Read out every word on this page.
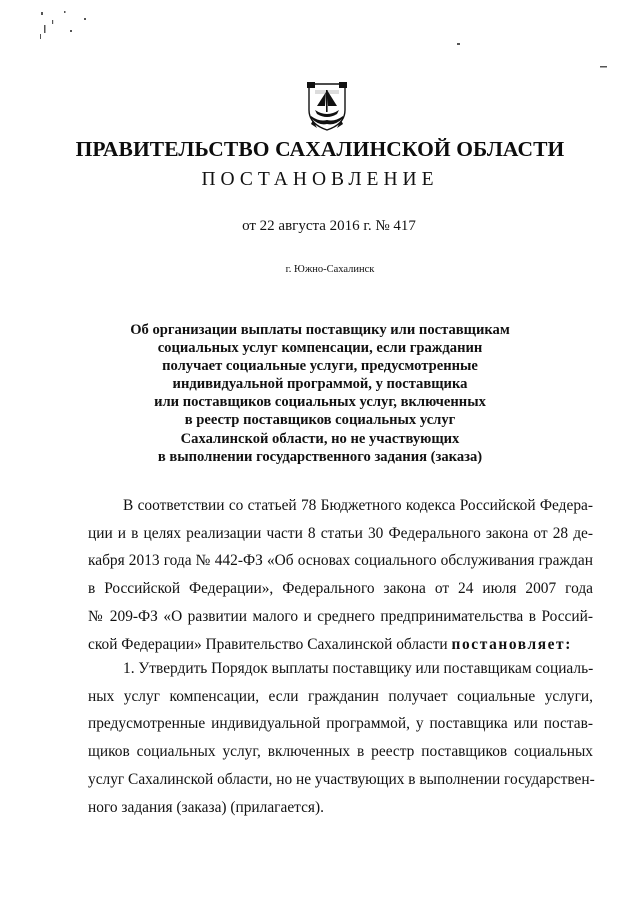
ПРАВИТЕЛЬСТВО САХАЛИНСКОЙ ОБЛАСТИ
ПОСТАНОВЛЕНИЕ
от 22 августа 2016 г. № 417
г. Южно-Сахалинск
Об организации выплаты поставщику или поставщикам
социальных услуг компенсации, если гражданин
получает социальные услуги, предусмотренные
индивидуальной программой, у поставщика
или поставщиков социальных услуг, включенных
в реестр поставщиков социальных услуг
Сахалинской области, но не участвующих
в выполнении государственного задания (заказа)
В соответствии со статьей 78 Бюджетного кодекса Российской Федера-
ции и в целях реализации части 8 статьи 30 Федерального закона от 28 де-
кабря 2013 года № 442-ФЗ «Об основах социального обслуживания граждан
в Российской Федерации», Федерального закона от 24 июля 2007 года
№ 209-ФЗ «О развитии малого и среднего предпринимательства в Россий-
ской Федерации» Правительство Сахалинской области постановляет:
1. Утвердить Порядок выплаты поставщику или поставщикам социаль-
ных услуг компенсации, если гражданин получает социальные услуги,
предусмотренные индивидуальной программой, у поставщика или постав-
щиков социальных услуг, включенных в реестр поставщиков социальных
услуг Сахалинской области, но не участвующих в выполнении государствен-
ного задания (заказа) (прилагается).
